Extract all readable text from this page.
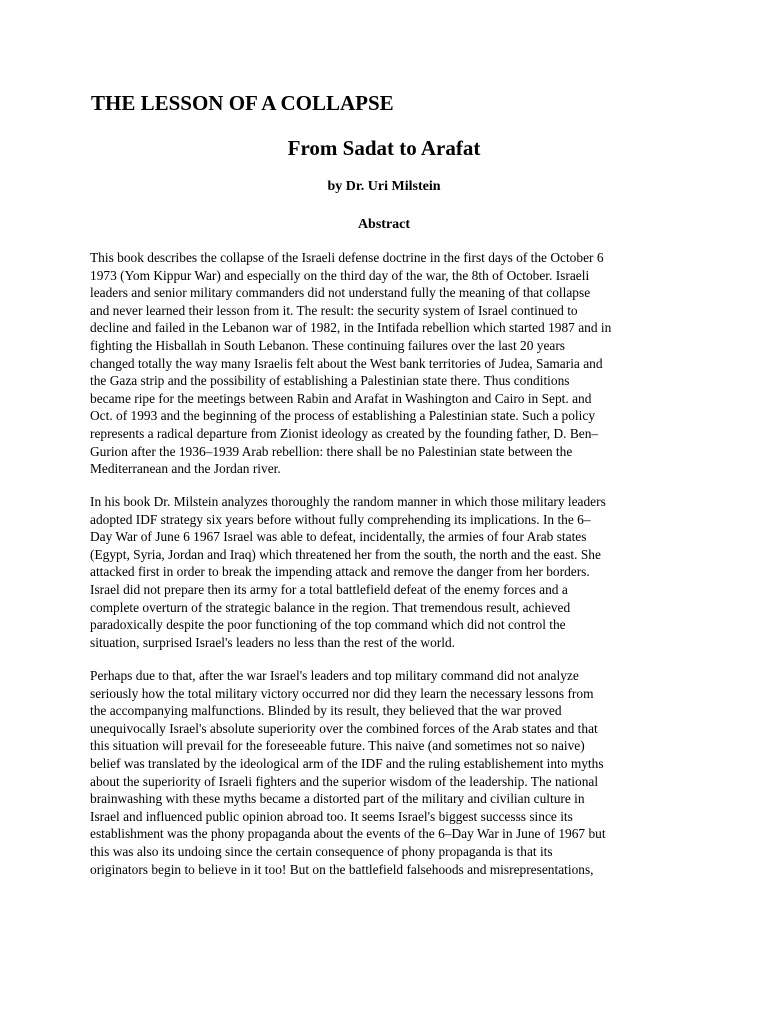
THE LESSON OF A COLLAPSE
From Sadat to Arafat

by Dr. Uri Milstein

Abstract
This book describes the collapse of the Israeli defense doctrine in the first days of the October 6
1973 (Yom Kippur War) and especially on the third day of the war, the 8th of October. Israeli
leaders and senior military commanders did not understand fully the meaning of that collapse
and never learned their lesson from it. The result: the security system of Israel continued to
decline and failed in the Lebanon war of 1982, in the Intifada rebellion which started 1987 and in
fighting the Hisballah in South Lebanon. These continuing failures over the last 20 years
changed totally the way many Israelis felt about the West bank territories of Judea, Samaria and
the Gaza strip and the possibility of establishing a Palestinian state there. Thus conditions
became ripe for the meetings between Rabin and Arafat in Washington and Cairo in Sept. and
Oct. of 1993 and the beginning of the process of establishing a Palestinian state. Such a policy
represents a radical departure from Zionist ideology as created by the founding father, D. Ben–
Gurion after the 1936–1939 Arab rebellion: there shall be no Palestinian state between the
Mediterranean and the Jordan river.
In his book Dr. Milstein analyzes thoroughly the random manner in which those military leaders
adopted IDF strategy six years before without fully comprehending its implications. In the 6–
Day War of June 6 1967 Israel was able to defeat, incidentally, the armies of four Arab states
(Egypt, Syria, Jordan and Iraq) which threatened her from the south, the north and the east. She
attacked first in order to break the impending attack and remove the danger from her borders.
Israel did not prepare then its army for a total battlefield defeat of the enemy forces and a
complete overturn of the strategic balance in the region. That tremendous result, achieved
paradoxically despite the poor functioning of the top command which did not control the
situation, surprised Israel's leaders no less than the rest of the world.
Perhaps due to that, after the war Israel's leaders and top military command did not analyze
seriously how the total military victory occurred nor did they learn the necessary lessons from
the accompanying malfunctions. Blinded by its result, they believed that the war proved
unequivocally Israel's absolute superiority over the combined forces of the Arab states and that
this situation will prevail for the foreseeable future. This naive (and sometimes not so naive)
belief was translated by the ideological arm of the IDF and the ruling establishement into myths
about the superiority of Israeli fighters and the superior wisdom of the leadership. The national
brainwashing with these myths became a distorted part of the military and civilian culture in
Israel and influenced public opinion abroad too. It seems Israel's biggest successs since its
establishment was the phony propaganda about the events of the 6–Day War in June of 1967 but
this was also its undoing since the certain consequence of phony propaganda is that its
originators begin to believe in it too! But on the battlefield falsehoods and misrepresentations,
